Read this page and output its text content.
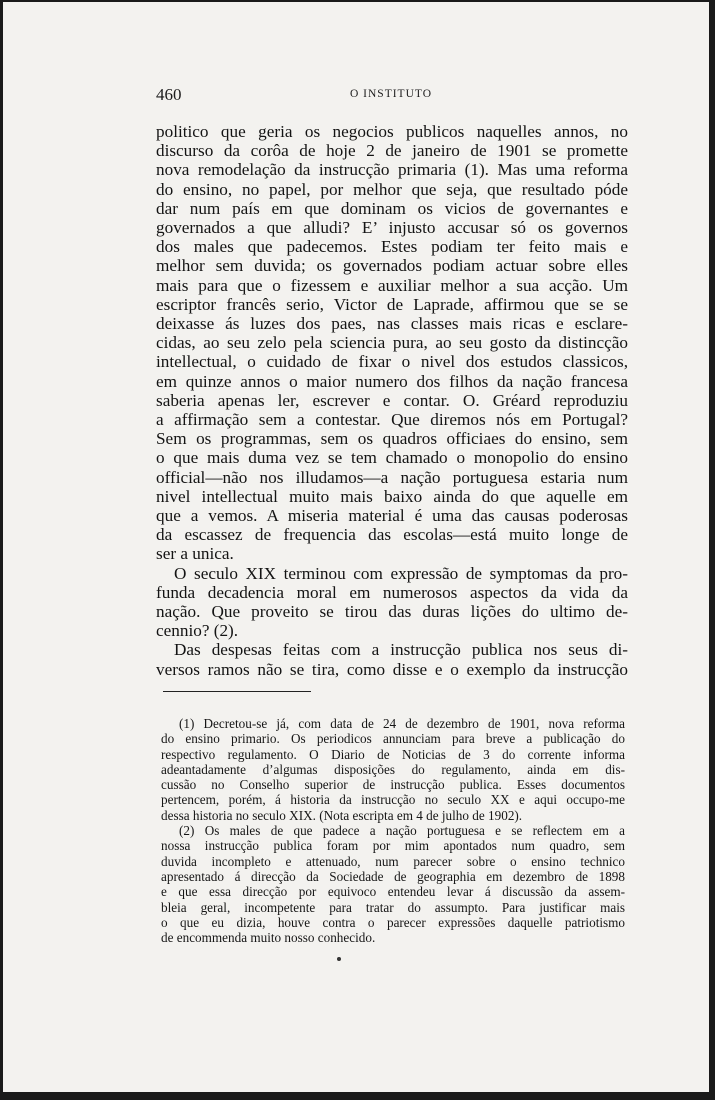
460	O INSTITUTO
politico que geria os negocios publicos naquelles annos, no
discurso da corôa de hoje 2 de janeiro de 1901 se promette
nova remodelação da instrucção primaria (1). Mas uma reforma
do ensino, no papel, por melhor que seja, que resultado póde
dar num país em que dominam os vicios de governantes e
governados a que alludi? E’ injusto accusar só os governos
dos males que padecemos. Estes podiam ter feito mais e
melhor sem duvida; os governados podiam actuar sobre elles
mais para que o fizessem e auxiliar melhor a sua acção. Um
escriptor francês serio, Victor de Laprade, affirmou que se se
deixasse ás luzes dos paes, nas classes mais ricas e esclare-
cidas, ao seu zelo pela sciencia pura, ao seu gosto da distincção
intellectual, o cuidado de fixar o nivel dos estudos classicos,
em quinze annos o maior numero dos filhos da nação francesa
saberia apenas ler, escrever e contar. O. Gréard reproduziu
a affirmação sem a contestar. Que diremos nós em Portugal?
Sem os programmas, sem os quadros officiaes do ensino, sem
o que mais duma vez se tem chamado o monopolio do ensino
official—não nos illudamos—a nação portuguesa estaria num
nivel intellectual muito mais baixo ainda do que aquelle em
que a vemos. A miseria material é uma das causas poderosas
da escassez de frequencia das escolas—está muito longe de
ser a unica.
O seculo XIX terminou com expressão de symptomas da pro-
funda decadencia moral em numerosos aspectos da vida da
nação. Que proveito se tirou das duras lições do ultimo de-
cennio? (2).
Das despesas feitas com a instrucção publica nos seus di-
versos ramos não se tira, como disse e o exemplo da instrucção
(1) Decretou-se já, com data de 24 de dezembro de 1901, nova reforma
do ensino primario. Os periodicos annunciam para breve a publicação do
respectivo regulamento. O Diario de Noticias de 3 do corrente informa
adeantadamente d’algumas disposições do regulamento, ainda em dis-
cussão no Conselho superior de instrucção publica. Esses documentos
pertencem, porém, á historia da instrucção no seculo XX e aqui occupo-me
dessa historia no seculo XIX. (Nota escripta em 4 de julho de 1902).
(2) Os males de que padece a nação portuguesa e se reflectem em a
nossa instrucção publica foram por mim apontados num quadro, sem
duvida incompleto e attenuado, num parecer sobre o ensino technico
apresentado á direcção da Sociedade de geographia em dezembro de 1898
e que essa direcção por equivoco entendeu levar á discussão da assem-
bleia geral, incompetente para tratar do assumpto. Para justificar mais
o que eu dizia, houve contra o parecer expressões daquelle patriotismo
de encommenda muito nosso conhecido.
